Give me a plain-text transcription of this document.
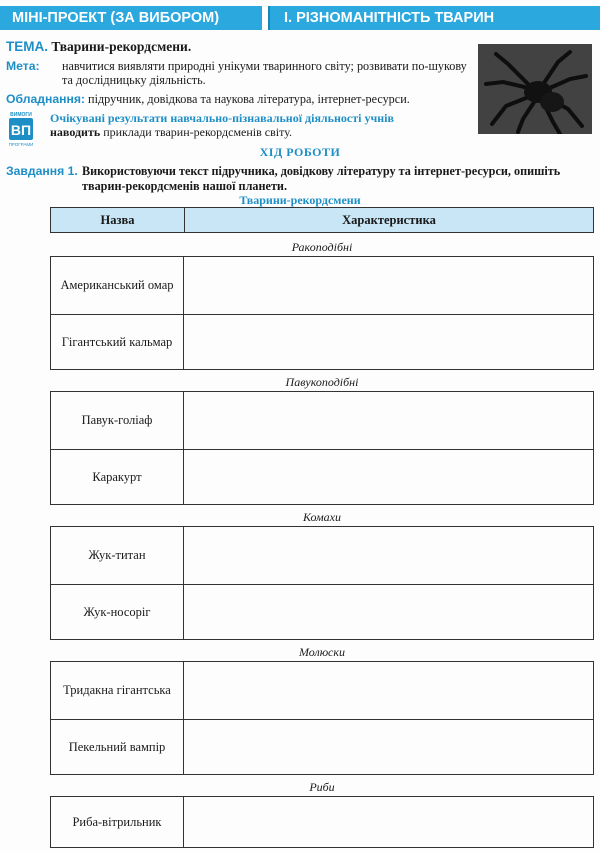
МІНІ-ПРОЕКТ (ЗА ВИБОРОМ)	І. РІЗНОМАНІТНІСТЬ ТВАРИН
ТЕМА. Тварини-рекордсмени.
Мета: навчитися виявляти природні унікуми тваринного світу; розвивати по-шукову та дослідницьку діяльність.
Обладнання: підручник, довідкова та наукова література, інтернет-ресурси.
ВИМОГИ
ВП
ПРОГРАМИ
Очікувані результати навчально-пізнавальної діяльності учнів
наводить приклади тварин-рекордсменів світу.
ХІД РОБОТИ
Завдання 1. Використовуючи текст підручника, довідкову літературу та інтернет-ресурси, опишіть тварин-рекордсменів нашої планети.
Тварини-рекордсмени
Назва	Характеристика
Ракоподібні
Американський омар
Гігантський кальмар
Павукоподібні
Павук-голіаф
Каракурт
Комахи
Жук-титан
Жук-носоріг
Молюски
Тридакна гігантська
Пекельний вампір
Риби
Риба-вітрильник
